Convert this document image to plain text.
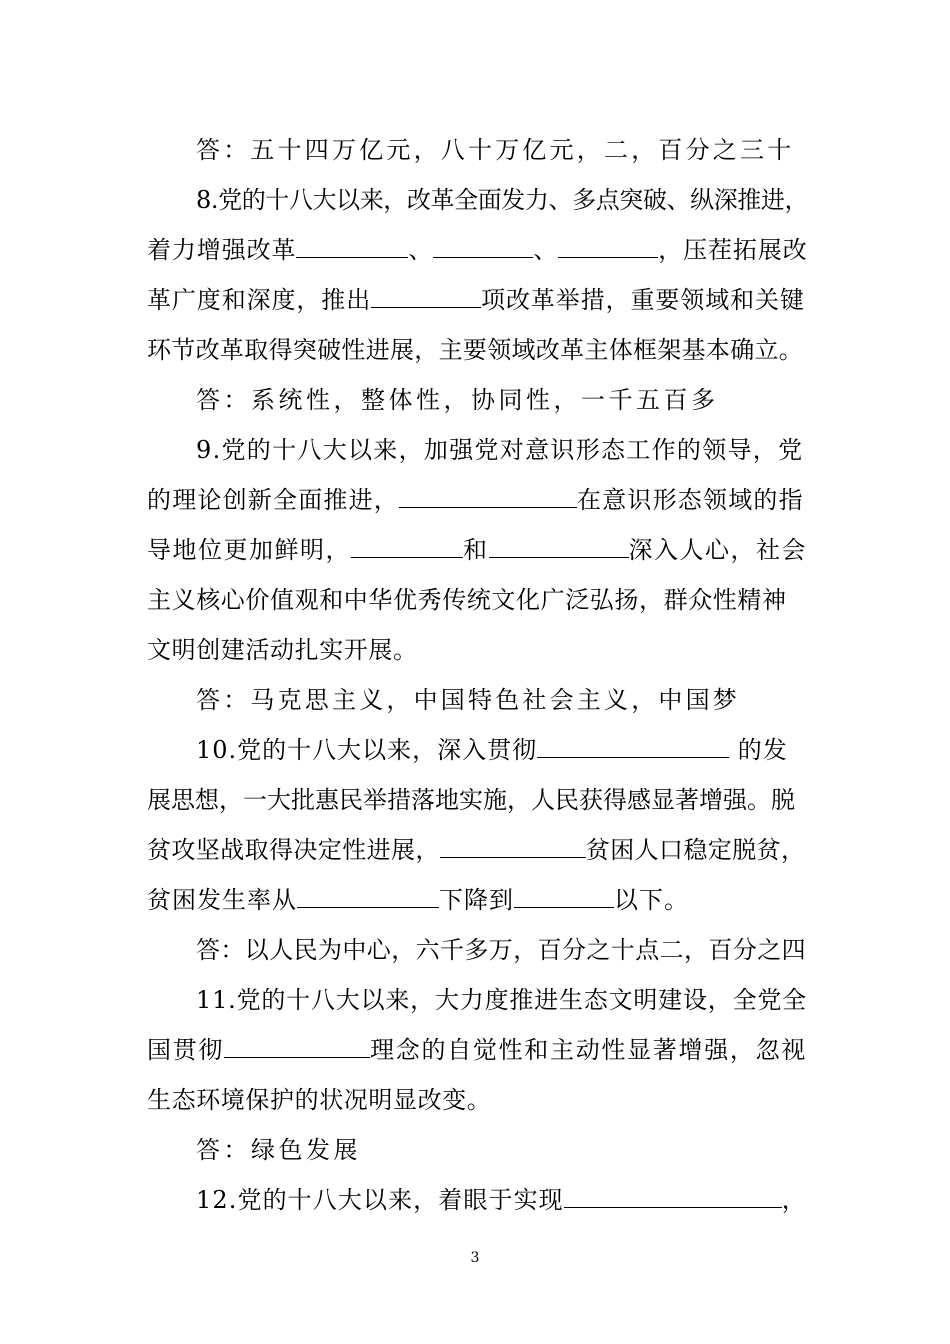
答：五十四万亿元，八十万亿元，二，百分之三十
8.党的十八大以来，改革全面发力、多点突破、纵深推进，
着力增强改革	、	、	，压茬拓展改
革广度和深度，推出	项改革举措，重要领域和关键
环节改革取得突破性进展，主要领域改革主体框架基本确立。
答：系统性，整体性，协同性，一千五百多
9.党的十八大以来，加强党对意识形态工作的领导，党
的理论创新全面推进，	在意识形态领域的指
导地位更加鲜明，	和	深入人心，社会
主义核心价值观和中华优秀传统文化广泛弘扬，群众性精神
文明创建活动扎实开展。
答：马克思主义，中国特色社会主义，中国梦
10.党的十八大以来，深入贯彻	的发
展思想，一大批惠民举措落地实施，人民获得感显著增强。脱
贫攻坚战取得决定性进展，	贫困人口稳定脱贫，
贫困发生率从	下降到	以下。
答：以人民为中心，六千多万，百分之十点二，百分之四
11.党的十八大以来，大力度推进生态文明建设，全党全
国贯彻	理念的自觉性和主动性显著增强，忽视
生态环境保护的状况明显改变。
答：绿色发展
12.党的十八大以来，着眼于实现	，
3
